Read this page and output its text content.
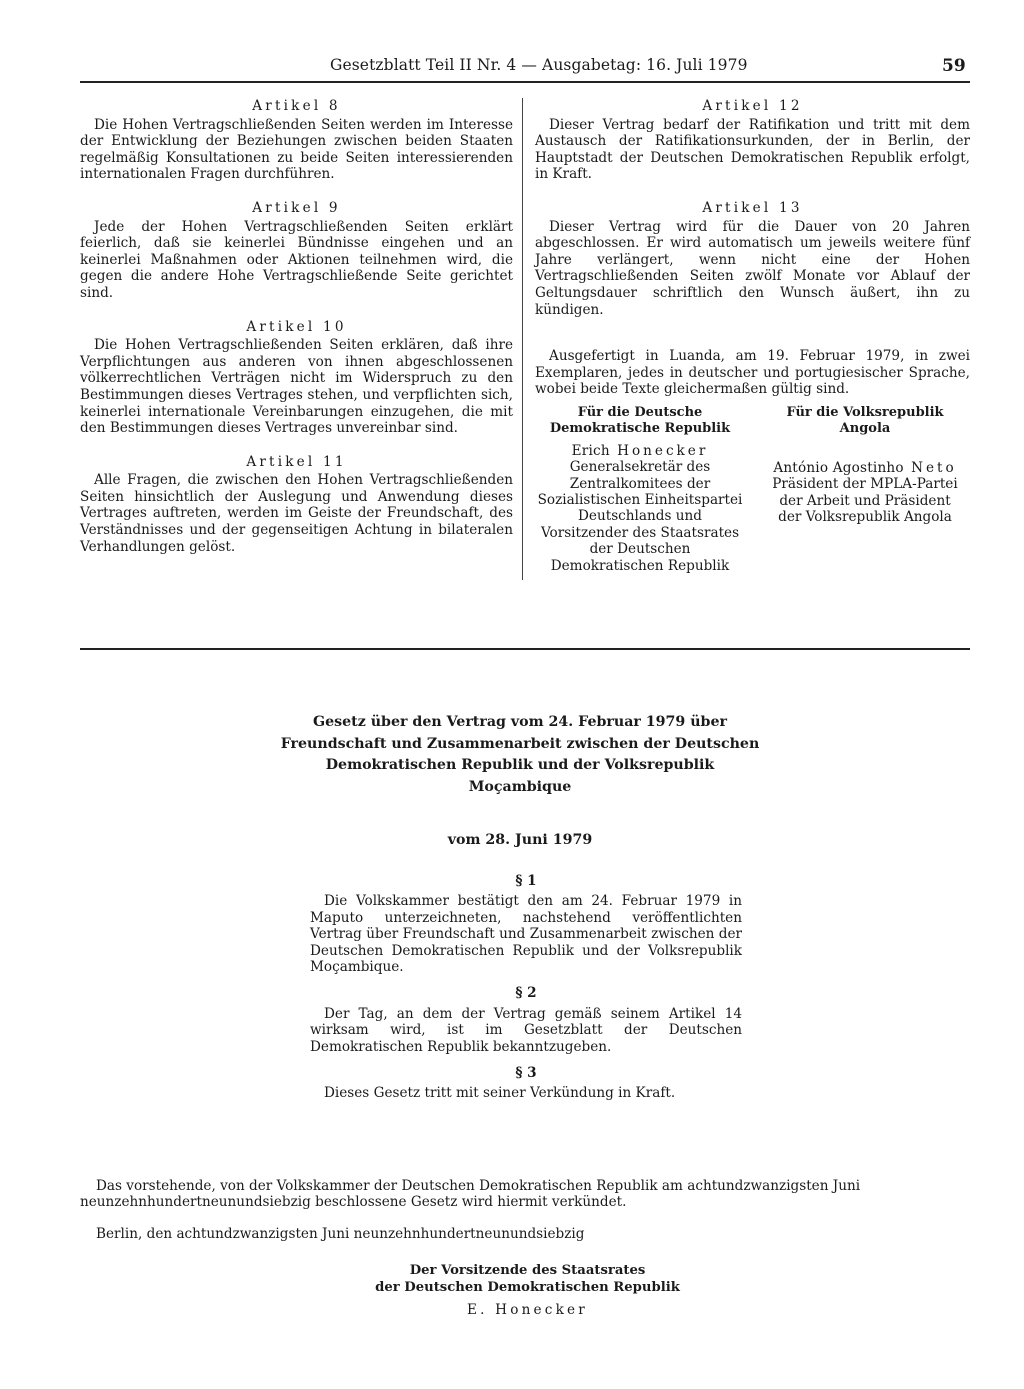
Gesetzblatt Teil II Nr. 4 — Ausgabetag: 16. Juli 1979	59

Artikel 8

Die Hohen Vertragschließenden Seiten werden im Interesse der Entwicklung der Beziehungen zwischen beiden Staaten regelmäßig Konsultationen zu beide Seiten interessierenden internationalen Fragen durchführen.

Artikel 9

Jede der Hohen Vertragschließenden Seiten erklärt feierlich, daß sie keinerlei Bündnisse eingehen und an keinerlei Maßnahmen oder Aktionen teilnehmen wird, die gegen die andere Hohe Vertragschließende Seite gerichtet sind.

Artikel 10

Die Hohen Vertragschließenden Seiten erklären, daß ihre Verpflichtungen aus anderen von ihnen abgeschlossenen völkerrechtlichen Verträgen nicht im Widerspruch zu den Bestimmungen dieses Vertrages stehen, und verpflichten sich, keinerlei internationale Vereinbarungen einzugehen, die mit den Bestimmungen dieses Vertrages unvereinbar sind.

Artikel 11

Alle Fragen, die zwischen den Hohen Vertragschließenden Seiten hinsichtlich der Auslegung und Anwendung dieses Vertrages auftreten, werden im Geiste der Freundschaft, des Verständnisses und der gegenseitigen Achtung in bilateralen Verhandlungen gelöst.

Artikel 12

Dieser Vertrag bedarf der Ratifikation und tritt mit dem Austausch der Ratifikationsurkunden, der in Berlin, der Hauptstadt der Deutschen Demokratischen Republik erfolgt, in Kraft.

Artikel 13

Dieser Vertrag wird für die Dauer von 20 Jahren abgeschlossen. Er wird automatisch um jeweils weitere fünf Jahre verlängert, wenn nicht eine der Hohen Vertragschließenden Seiten zwölf Monate vor Ablauf der Geltungsdauer schriftlich den Wunsch äußert, ihn zu kündigen.

Ausgefertigt in Luanda, am 19. Februar 1979, in zwei Exemplaren, jedes in deutscher und portugiesischer Sprache, wobei beide Texte gleichermaßen gültig sind.

Für die Deutsche Demokratische Republik
Erich Honecker
Generalsekretär des Zentralkomitees der Sozialistischen Einheitspartei Deutschlands und Vorsitzender des Staatsrates der Deutschen Demokratischen Republik
Für die Volksrepublik Angola
António Agostinho Neto
Präsident der MPLA-Partei der Arbeit und Präsident der Volksrepublik Angola
Gesetz über den Vertrag vom 24. Februar 1979 über Freundschaft und Zusammenarbeit zwischen der Deutschen Demokratischen Republik und der Volksrepublik Moçambique
vom 28. Juni 1979

§ 1

Die Volkskammer bestätigt den am 24. Februar 1979 in Maputo unterzeichneten, nachstehend veröffentlichten Vertrag über Freundschaft und Zusammenarbeit zwischen der Deutschen Demokratischen Republik und der Volksrepublik Moçambique.

§ 2

Der Tag, an dem der Vertrag gemäß seinem Artikel 14 wirksam wird, ist im Gesetzblatt der Deutschen Demokratischen Republik bekanntzugeben.

§ 3

Dieses Gesetz tritt mit seiner Verkündung in Kraft.

Das vorstehende, von der Volkskammer der Deutschen Demokratischen Republik am achtundzwanzigsten Juni neunzehnhundertneunundsiebzig beschlossene Gesetz wird hiermit verkündet.

Berlin, den achtundzwanzigsten Juni neunzehnhundertneunundsiebzig
Der Vorsitzende des Staatsrates
der Deutschen Demokratischen Republik
E. Honecker
